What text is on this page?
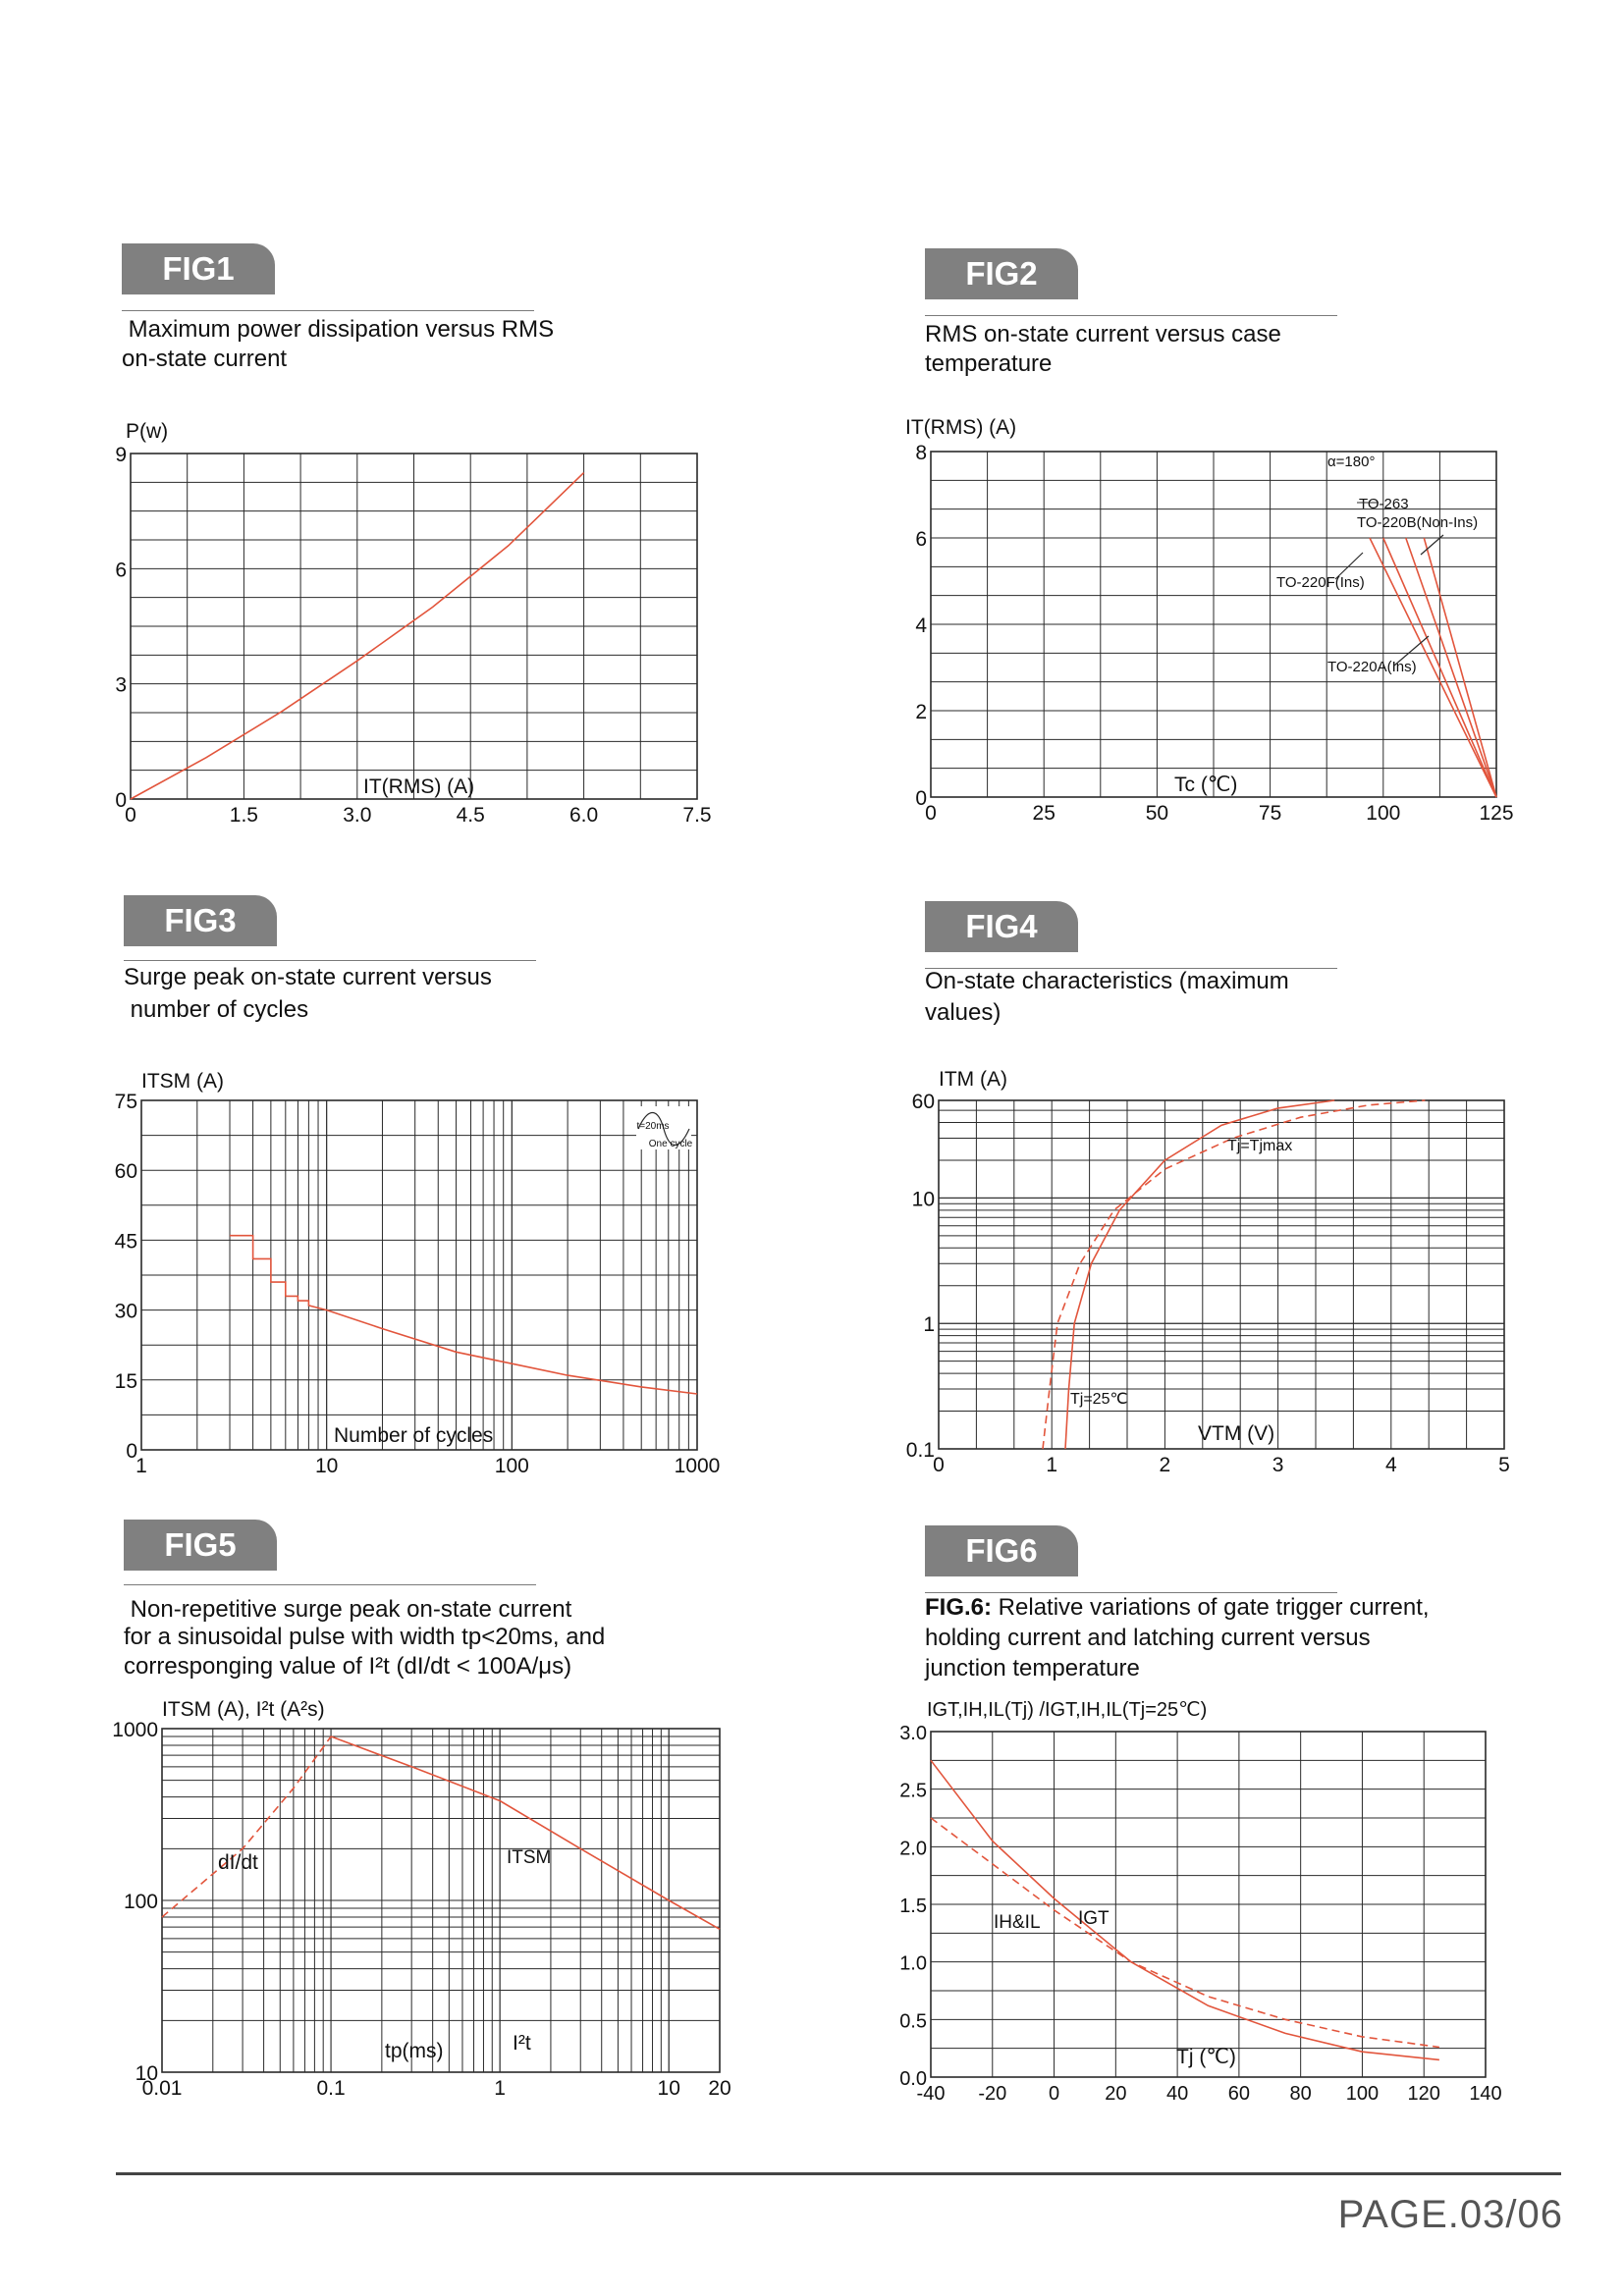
FIG1
Maximum power dissipation versus RMS
on-state current
FIG2
RMS on-state current versus case
temperature
FIG3
Surge peak on-state current versus
number of cycles
FIG4
On-state characteristics (maximum
values)
FIG5
Non-repetitive surge peak on-state current
for a sinusoidal pulse with width tp<20ms, and
corresponging value of I²t (dI/dt < 100A/μs)
FIG6
FIG.6: Relative variations of gate trigger current,
holding current and latching current versus
junction temperature
0	1.5	3.0	4.5	6.0	7.5
0
3
6
9
P(w)
IT(RMS) (A)
0	25	50	75	100	125
0
2
4
6
8
IT(RMS) (A)
Tc (℃)
α=180°
TO-263
TO-220B(Non-Ins)
TO-220F(Ins)
TO-220A(Ins)
1	10	100	1000
0
15
30
45
60
75
ITSM (A)
Number of cycles
t=20ms
One cycle
0	1	2	3	4	5
0.1
1
10
60
ITM (A)
VTM (V)
Tj=Tjmax
Tj=25℃
0.01	0.1	1	10 20
10
100
1000
ITSM (A), I²t (A²s)
tp(ms)
dI/dt	ITSM
I²t
-40 -20 0 20 40 60 80 100 120 140
0.0
0.5
1.0
1.5
2.0
2.5
3.0
IGT,IH,IL(Tj) /IGT,IH,IL(Tj=25℃)
Tj (℃)
IGT
IH&IL
PAGE.03/06
